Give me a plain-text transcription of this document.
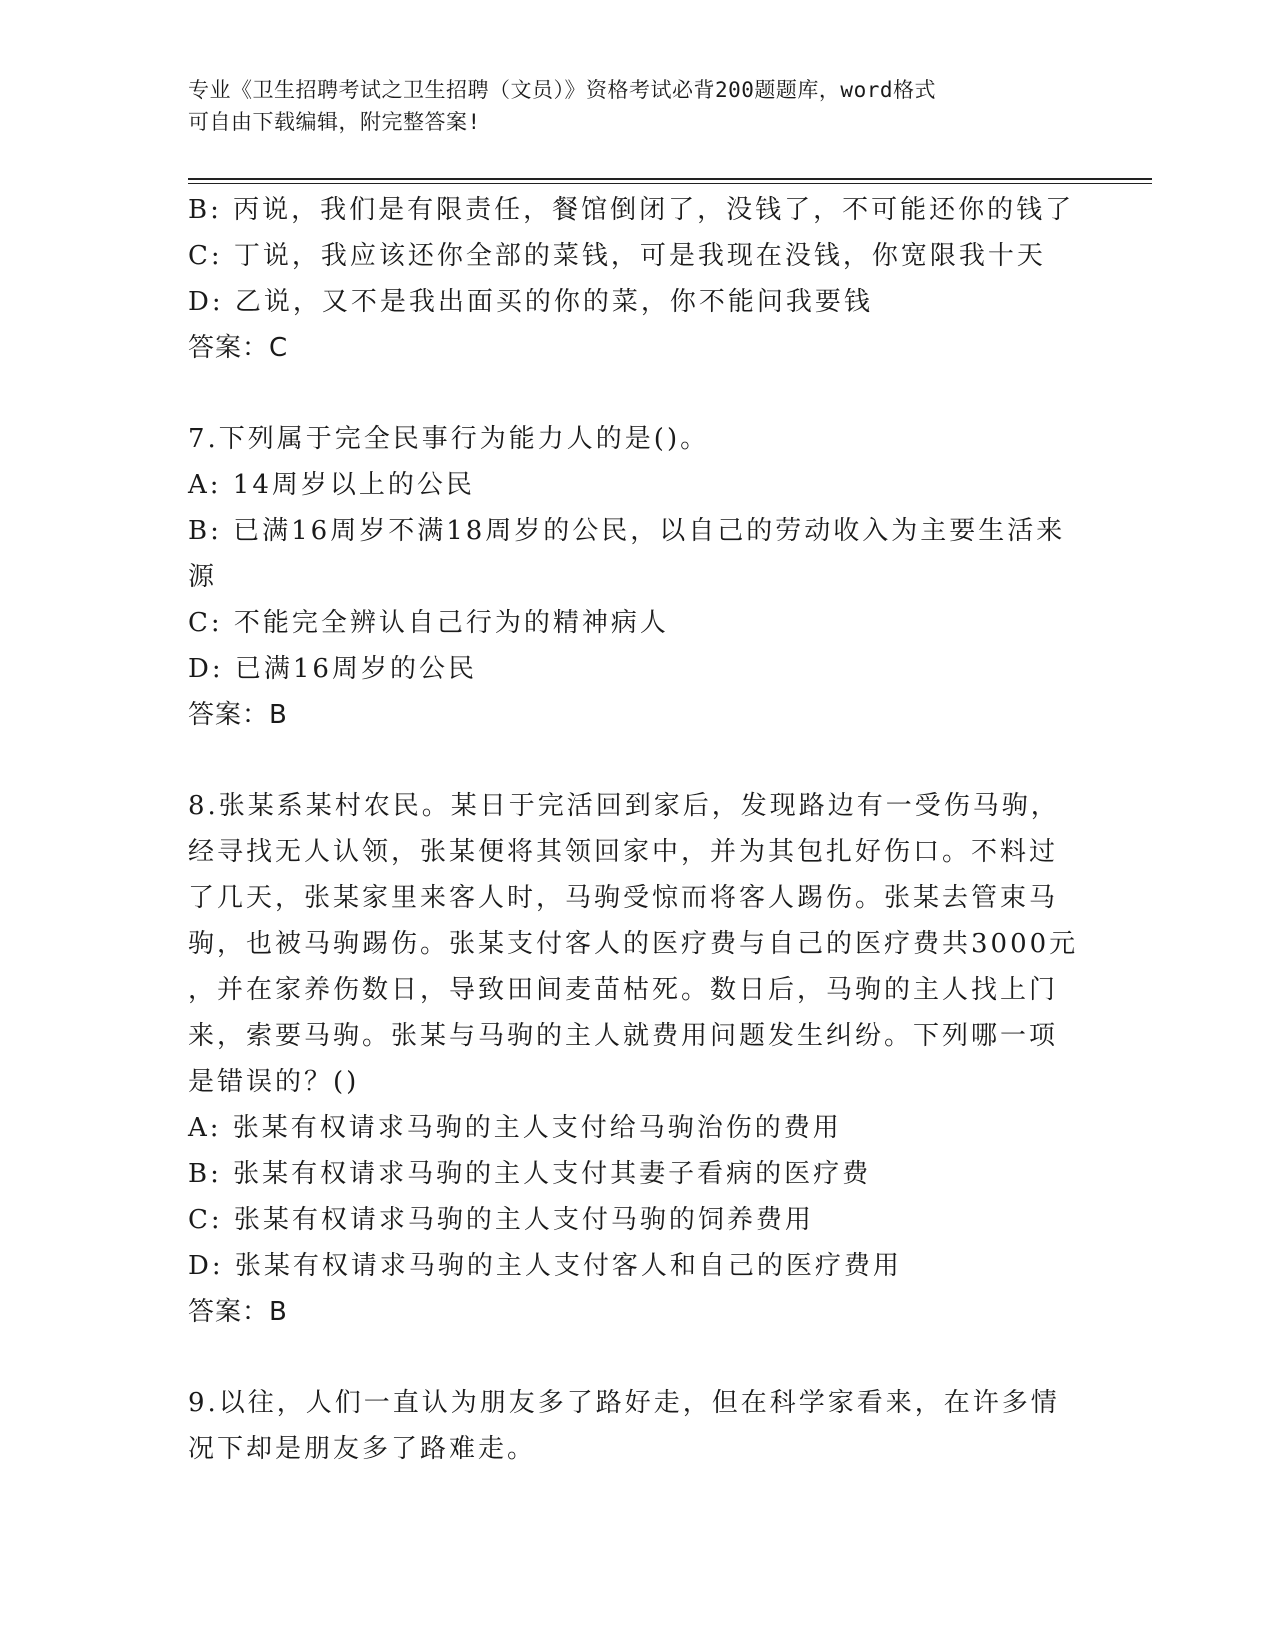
专业《卫生招聘考试之卫生招聘（文员）》资格考试必背200题题库，word格式
可自由下载编辑，附完整答案!
B: 丙说，我们是有限责任，餐馆倒闭了，没钱了，不可能还你的钱了
C: 丁说，我应该还你全部的菜钱，可是我现在没钱，你宽限我十天
D: 乙说，又不是我出面买的你的菜，你不能问我要钱
答案：C
7.下列属于完全民事行为能力人的是()。
A: 14周岁以上的公民
B: 已满16周岁不满18周岁的公民，以自己的劳动收入为主要生活来
源
C: 不能完全辨认自己行为的精神病人
D: 已满16周岁的公民
答案：B
8.张某系某村农民。某日于完活回到家后，发现路边有一受伤马驹，
经寻找无人认领，张某便将其领回家中，并为其包扎好伤口。不料过
了几天，张某家里来客人时，马驹受惊而将客人踢伤。张某去管束马
驹，也被马驹踢伤。张某支付客人的医疗费与自己的医疗费共3000元
，并在家养伤数日，导致田间麦苗枯死。数日后，马驹的主人找上门
来，索要马驹。张某与马驹的主人就费用问题发生纠纷。下列哪一项
是错误的？()
A: 张某有权请求马驹的主人支付给马驹治伤的费用
B: 张某有权请求马驹的主人支付其妻子看病的医疗费
C: 张某有权请求马驹的主人支付马驹的饲养费用
D: 张某有权请求马驹的主人支付客人和自己的医疗费用
答案：B
9.以往，人们一直认为朋友多了路好走，但在科学家看来，在许多情
况下却是朋友多了路难走。
